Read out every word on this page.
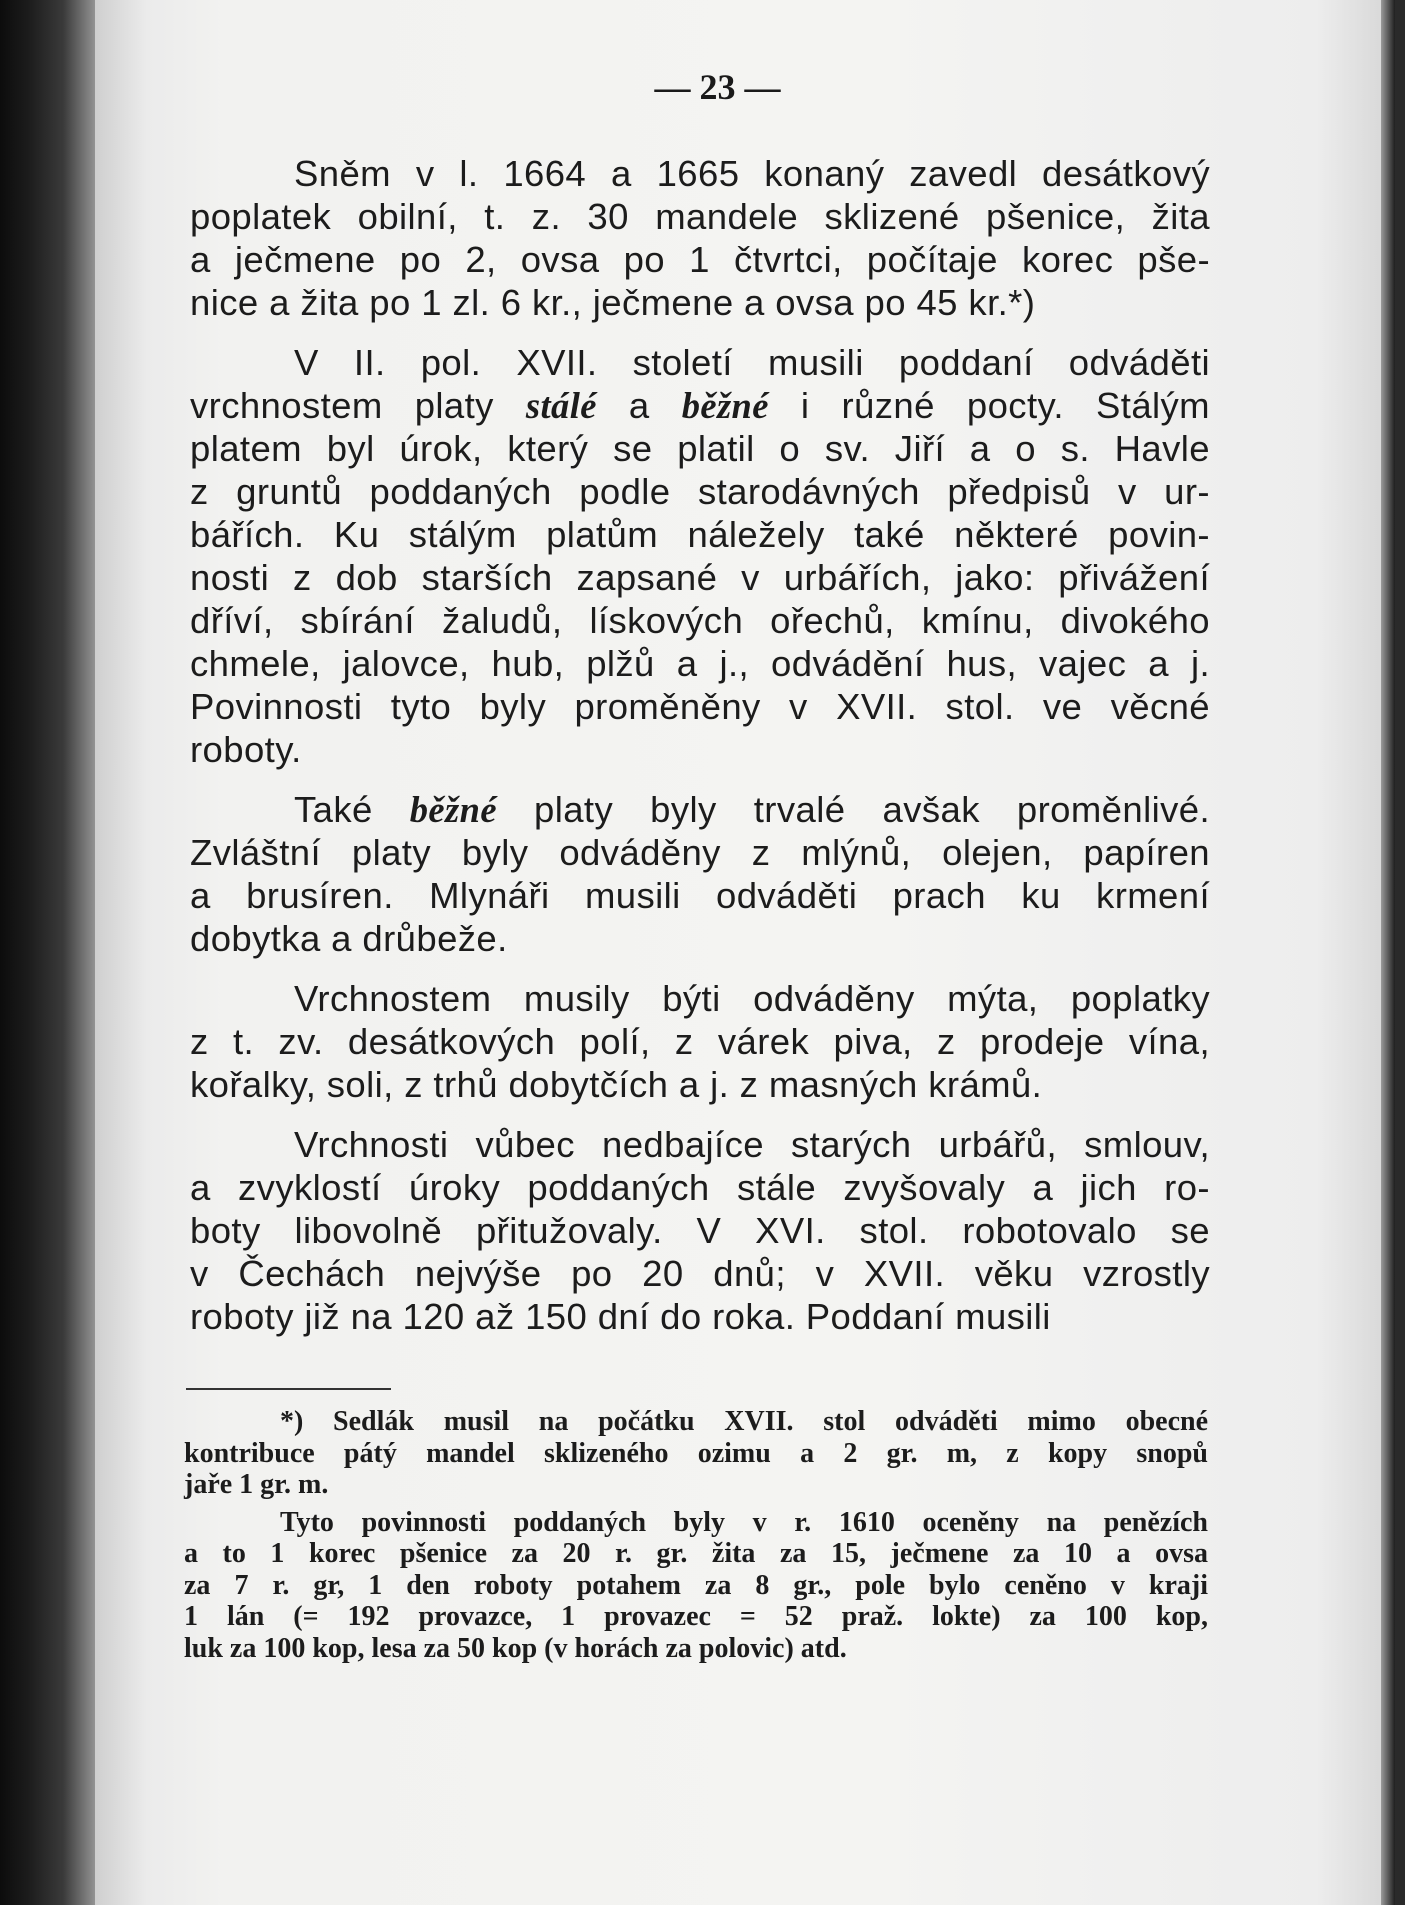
— 23 —
Sněm v l. 1664 a 1665 konaný zavedl desátkový
poplatek obilní, t. z. 30 mandele sklizené pšenice, žita
a ječmene po 2, ovsa po 1 čtvrtci, počítaje korec pše-
nice a žita po 1 zl. 6 kr., ječmene a ovsa po 45 kr.*)
V II. pol. XVII. století musili poddaní odváděti
vrchnostem platy stálé a běžné i různé pocty. Stálým
platem byl úrok, který se platil o sv. Jiří a o s. Havle
z gruntů poddaných podle starodávných předpisů v ur-
bářích. Ku stálým platům náležely také některé povin-
nosti z dob starších zapsané v urbářích, jako: přivážení
dříví, sbírání žaludů, lískových ořechů, kmínu, divokého
chmele, jalovce, hub, plžů a j., odvádění hus, vajec a j.
Povinnosti tyto byly proměněny v XVII. stol. ve věcné
roboty.
Také běžné platy byly trvalé avšak proměnlivé.
Zvláštní platy byly odváděny z mlýnů, olejen, papíren
a brusíren. Mlynáři musili odváděti prach ku krmení
dobytka a drůbeže.
Vrchnostem musily býti odváděny mýta, poplatky
z t. zv. desátkových polí, z várek piva, z prodeje vína,
kořalky, soli, z trhů dobytčích a j. z masných krámů.
Vrchnosti vůbec nedbajíce starých urbářů, smlouv,
a zvyklostí úroky poddaných stále zvyšovaly a jich ro-
boty libovolně přitužovaly. V XVI. stol. robotovalo se
v Čechách nejvýše po 20 dnů; v XVII. věku vzrostly
roboty již na 120 až 150 dní do roka. Poddaní musili
*) Sedlák musil na počátku XVII. stol odváděti mimo obecné
kontribuce pátý mandel sklizeného ozimu a 2 gr. m, z kopy snopů
jaře 1 gr. m.
Tyto povinnosti poddaných byly v r. 1610 oceněny na penězích
a to 1 korec pšenice za 20 r. gr. žita za 15, ječmene za 10 a ovsa
za 7 r. gr, 1 den roboty potahem za 8 gr., pole bylo ceněno v kraji
1 lán (= 192 provazce, 1 provazec = 52 praž. lokte) za 100 kop,
luk za 100 kop, lesa za 50 kop (v horách za polovic) atd.
